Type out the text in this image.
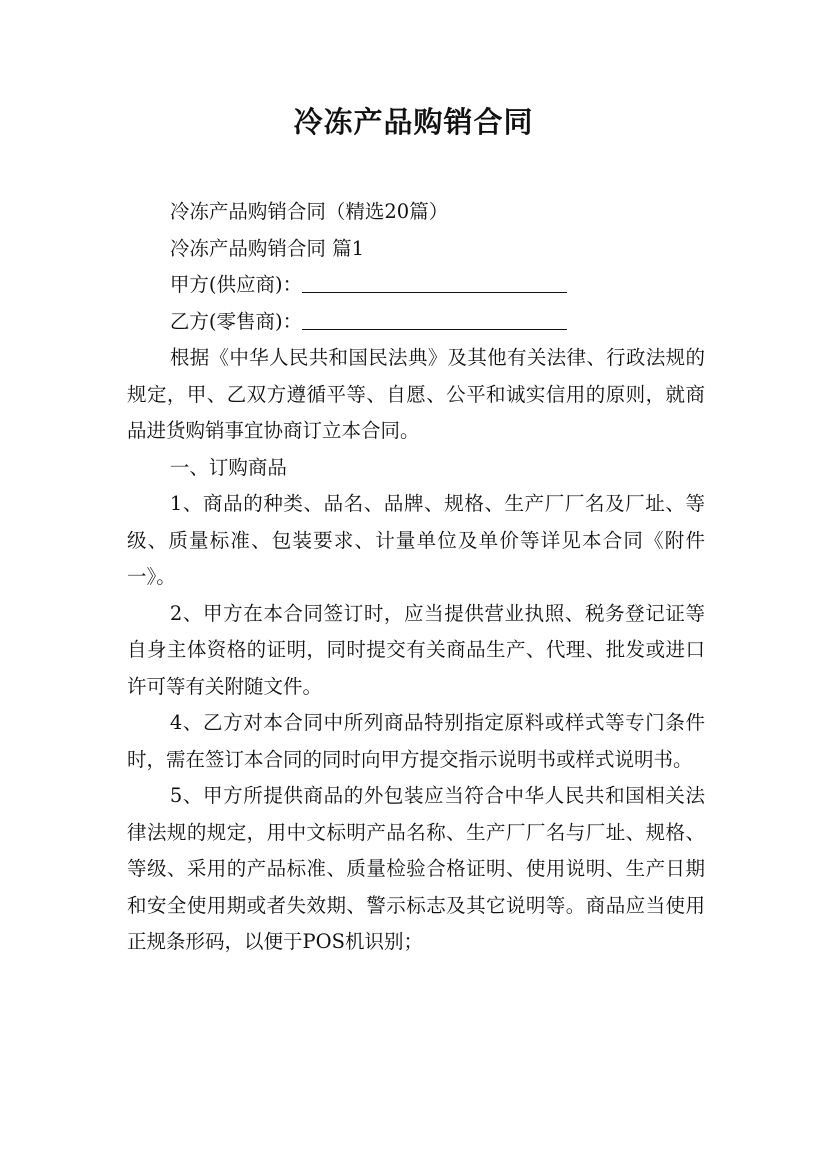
冷冻产品购销合同
冷冻产品购销合同（精选20篇）
冷冻产品购销合同 篇1
甲方(供应商)：
乙方(零售商)：

根据《中华人民共和国民法典》及其他有关法律、行政法规的规定，甲、乙双方遵循平等、自愿、公平和诚实信用的原则，就商品进货购销事宜协商订立本合同。

一、订购商品

1、商品的种类、品名、品牌、规格、生产厂厂名及厂址、等级、质量标准、包装要求、计量单位及单价等详见本合同《附件一》。

2、甲方在本合同签订时，应当提供营业执照、税务登记证等自身主体资格的证明，同时提交有关商品生产、代理、批发或进口许可等有关附随文件。

4、乙方对本合同中所列商品特别指定原料或样式等专门条件时，需在签订本合同的同时向甲方提交指示说明书或样式说明书。

5、甲方所提供商品的外包装应当符合中华人民共和国相关法律法规的规定，用中文标明产品名称、生产厂厂名与厂址、规格、等级、采用的产品标准、质量检验合格证明、使用说明、生产日期和安全使用期或者失效期、警示标志及其它说明等。商品应当使用正规条形码，以便于POS机识别；
